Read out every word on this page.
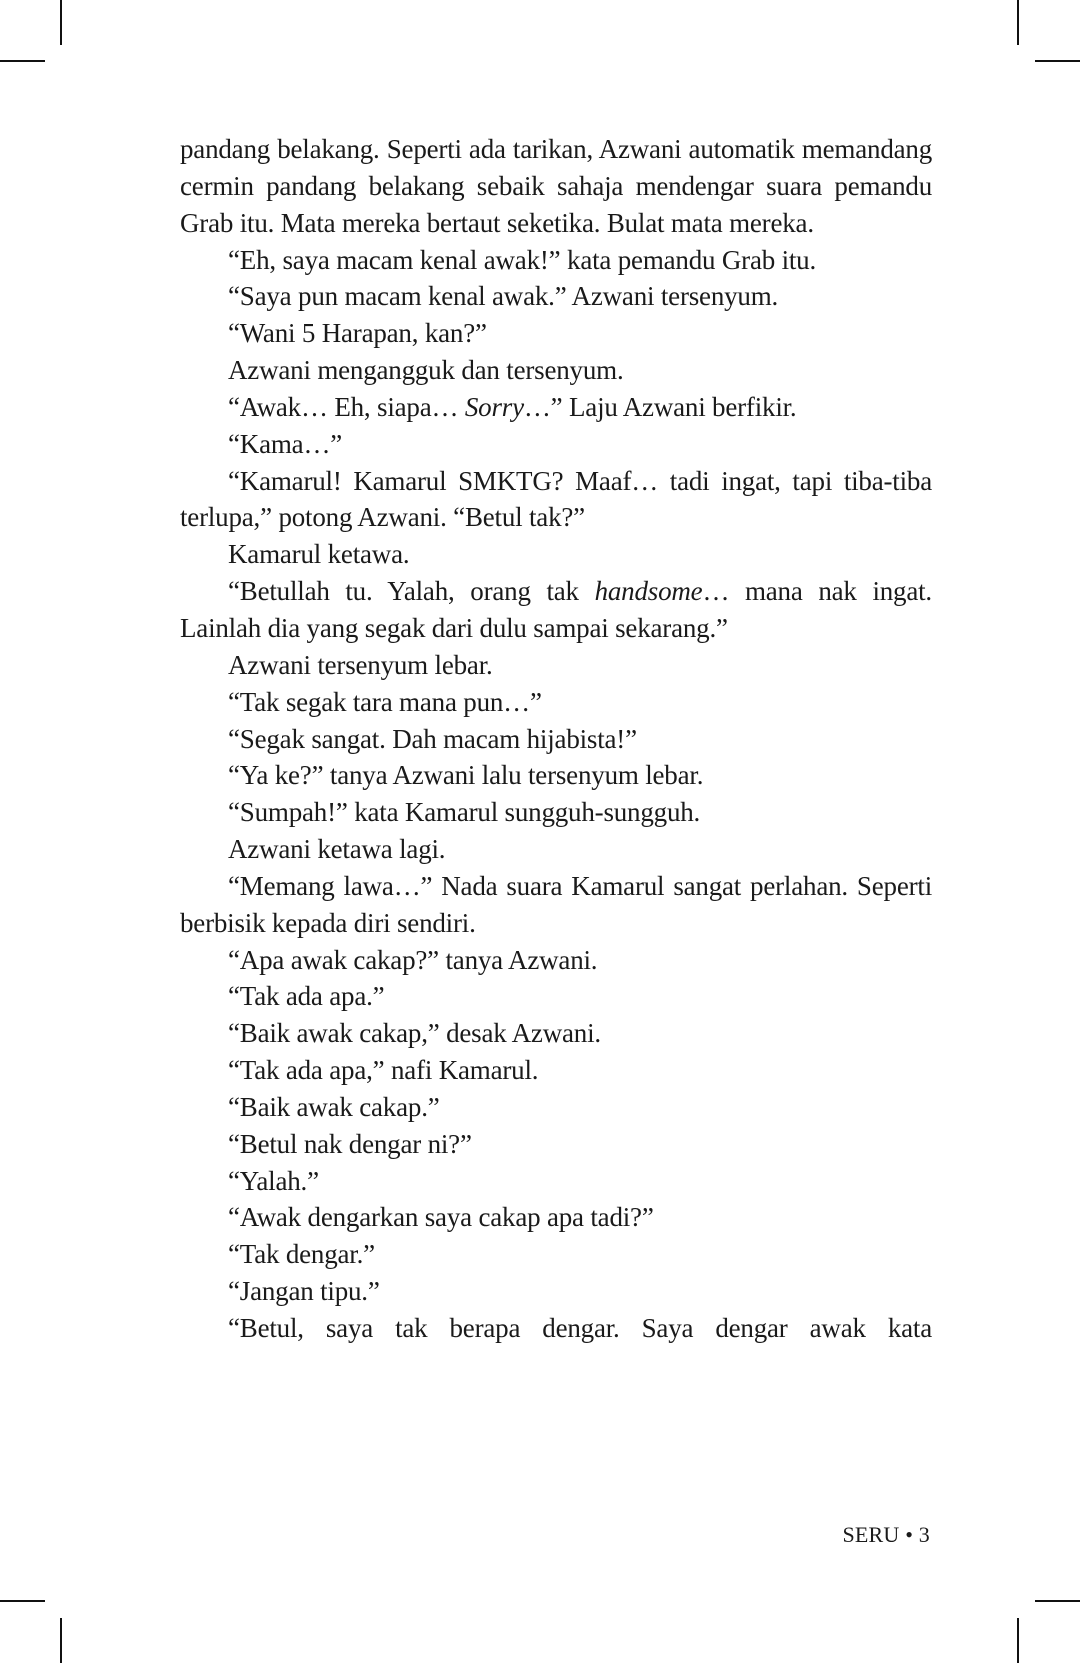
pandang belakang. Seperti ada tarikan, Azwani automatik memandang cermin pandang belakang sebaik sahaja mendengar suara pemandu Grab itu. Mata mereka bertaut seketika. Bulat mata mereka.

“Eh, saya macam kenal awak!” kata pemandu Grab itu.

“Saya pun macam kenal awak.” Azwani tersenyum.

“Wani 5 Harapan, kan?”

Azwani mengangguk dan tersenyum.

“Awak… Eh, siapa… Sorry…” Laju Azwani berfikir.

“Kama…”

“Kamarul! Kamarul SMKTG? Maaf… tadi ingat, tapi tiba-tiba terlupa,” potong Azwani. “Betul tak?”

Kamarul ketawa.

“Betullah tu. Yalah, orang tak handsome… mana nak ingat. Lainlah dia yang segak dari dulu sampai sekarang.”

Azwani tersenyum lebar.

“Tak segak tara mana pun…”

“Segak sangat. Dah macam hijabista!”

“Ya ke?” tanya Azwani lalu tersenyum lebar.

“Sumpah!” kata Kamarul sungguh-sungguh.

Azwani ketawa lagi.

“Memang lawa…” Nada suara Kamarul sangat perlahan. Seperti berbisik kepada diri sendiri.

“Apa awak cakap?” tanya Azwani.

“Tak ada apa.”

“Baik awak cakap,” desak Azwani.

“Tak ada apa,” nafi Kamarul.

“Baik awak cakap.”

“Betul nak dengar ni?”

“Yalah.”

“Awak dengarkan saya cakap apa tadi?”

“Tak dengar.”

“Jangan tipu.”

“Betul, saya tak berapa dengar. Saya dengar awak kata

SERU • 3
